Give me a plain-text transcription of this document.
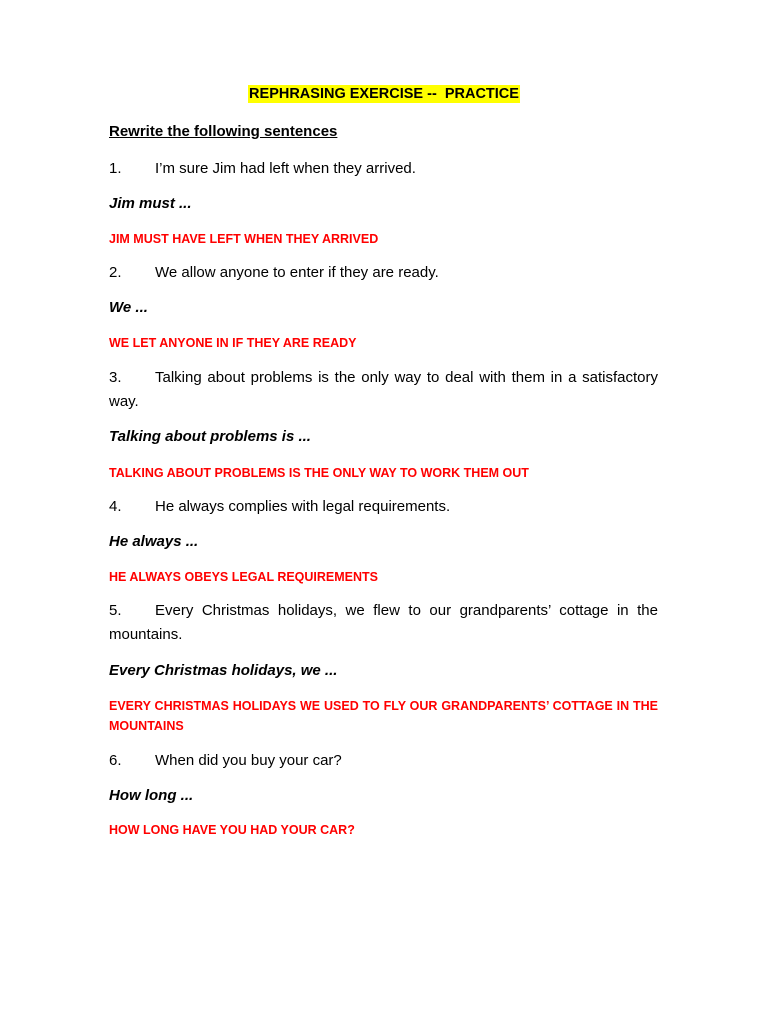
REPHRASING EXERCISE --  PRACTICE
Rewrite the following sentences
1. I’m sure Jim had left when they arrived.
Jim must ...
JIM MUST HAVE LEFT WHEN THEY ARRIVED
2. We allow anyone to enter if they are ready.
We ...
WE LET ANYONE IN IF THEY ARE READY
3. Talking about problems is the only way to deal with them in a satisfactory way.
Talking about problems is ...
TALKING ABOUT PROBLEMS IS THE ONLY WAY TO WORK THEM OUT
4. He always complies with legal requirements.
He always ...
HE ALWAYS OBEYS LEGAL REQUIREMENTS
5. Every Christmas holidays, we flew to our grandparents’ cottage in the mountains.
Every Christmas holidays, we ...
EVERY CHRISTMAS HOLIDAYS WE USED TO FLY OUR GRANDPARENTS’ COTTAGE IN THE MOUNTAINS
6. When did you buy your car?
How long ...
HOW LONG HAVE YOU HAD YOUR CAR?
